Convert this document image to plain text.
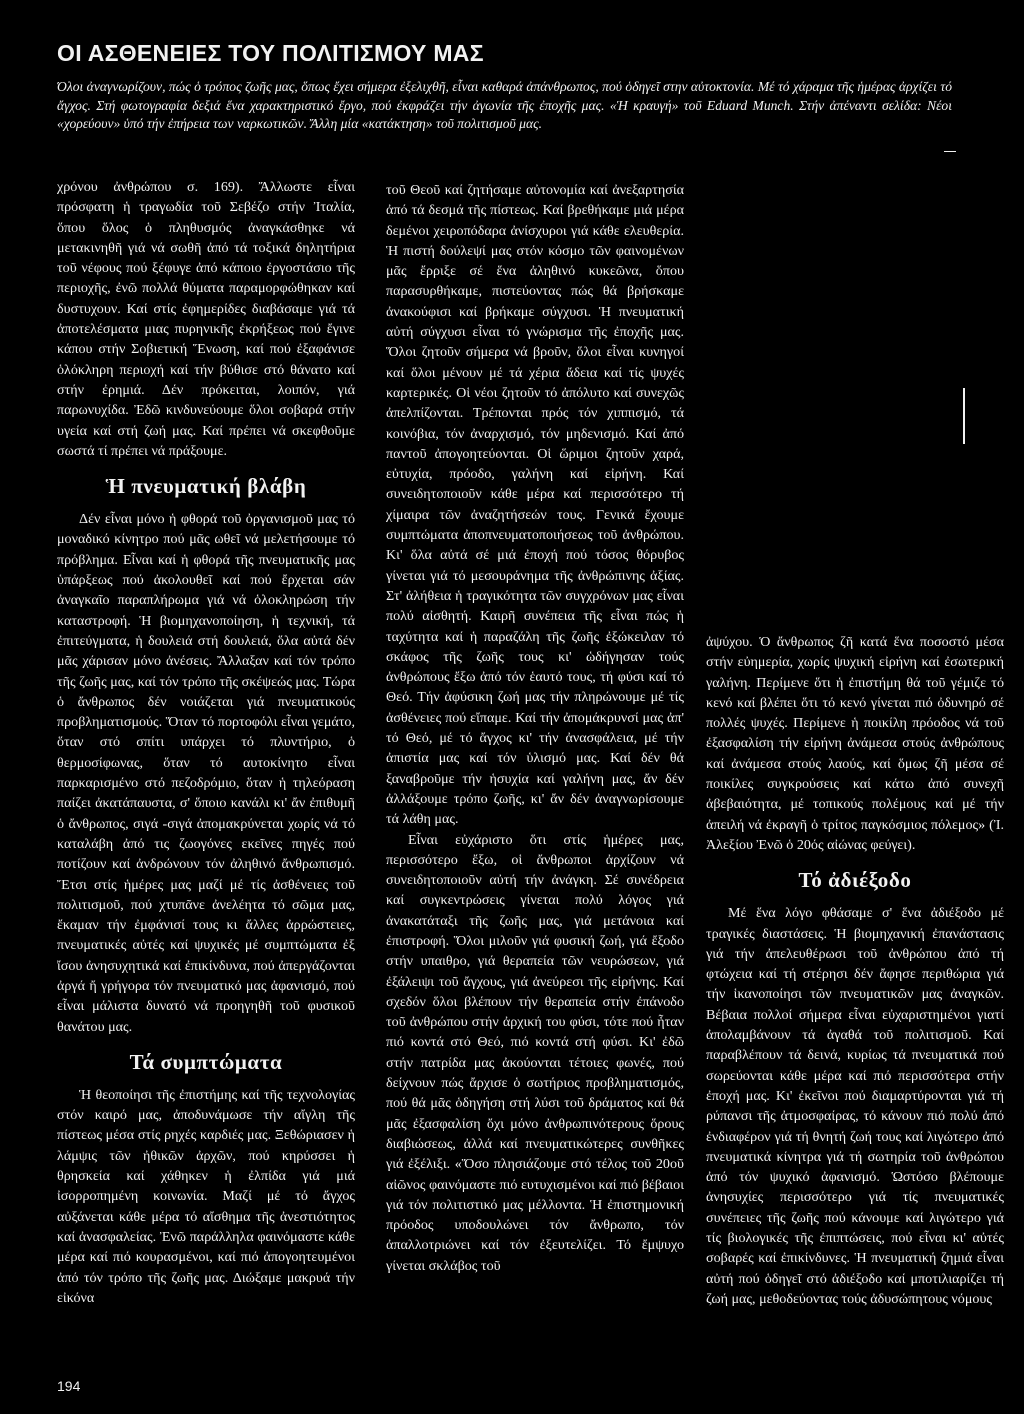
ΟΙ ΑΣΘΕΝΕΙΕΣ ΤΟΥ ΠΟΛΙΤΙΣΜΟΥ ΜΑΣ

Όλοι ἀναγνωρίζουν, πώς ὁ τρόπος ζωῆς μας, ὅπως ἔχει σήμερα ἐξελιχθῆ, εἶναι καθαρά ἀπάνθρωπος, πού ὁδηγεῖ στην αὐτοκτονία. Μέ τό χάραμα τῆς ἡμέρας ἀρχίζει τό ἄγχος. Στή φωτογραφία δεξιά ἕνα χαρακτηριστικό ἔργο, πού ἐκφράζει τήν ἀγωνία τῆς ἐποχῆς μας. «Ἡ κραυγή» τοῦ Eduard Munch. Στήν ἀπέναντι σελίδα: Νέοι «χορεύουν» ὑπό τήν ἐπήρεια των ναρκωτικῶν. Ἄλλη μία «κατάκτηση» τοῦ πολιτισμοῦ μας.

χρόνου ἀνθρώπου σ. 169). Ἄλλωστε εἶναι πρόσφατη ἡ τραγωδία τοῦ Σεβέζο στήν Ἰταλία, ὅπου ὅλος ὁ πληθυσμός ἀναγκάσθηκε νά μετακινηθῆ γιά νά σωθῆ ἀπό τά τοξικά δηλητήρια τοῦ νέφους πού ξέφυγε ἀπό κάποιο ἐργοστάσιο τῆς περιοχῆς, ἐνῶ πολλά θύματα παραμορφώθηκαν καί δυστυχουν. Καί στίς ἐφημερίδες διαβάσαμε γιά τά ἀποτελέσματα μιας πυρηνικῆς ἐκρήξεως πού ἔγινε κάπου στήν Σοβιετική Ἕνωση, καί πού ἐξαφάνισε ὁλόκληρη περιοχή καί τήν βύθισε στό θάνατο καί στήν ἐρημιά. Δέν πρόκειται, λοιπόν, γιά παρωνυχίδα. Ἐδῶ κινδυνεύουμε ὅλοι σοβαρά στήν υγεία καί στή ζωή μας. Καί πρέπει νά σκεφθοῦμε σωστά τί πρέπει νά πράξουμε.

Ἡ πνευματική βλάβη

Δέν εἶναι μόνο ἡ φθορά τοῦ ὀργανισμοῦ μας τό μοναδικό κίνητρο πού μᾶς ωθεῖ νά μελετήσουμε τό πρόβλημα. Εἶναι καί ἡ φθορά τῆς πνευματικῆς μας ὑπάρξεως πού ἀκολουθεῖ καί πού ἔρχεται σάν ἀναγκαῖο παραπλήρωμα γιά νά ὁλοκληρώση τήν καταστροφή. Ἡ βιομηχανοποίηση, ἡ τεχνική, τά ἐπιτεύγματα, ἡ δουλειά στή δουλειά, ὅλα αὐτά δέν μᾶς χάρισαν μόνο ἀνέσεις. Ἄλλαξαν καί τόν τρόπο τῆς ζωῆς μας, καί τόν τρόπο τῆς σκέψεώς μας. Τώρα ὁ ἄνθρωπος δέν νοιάζεται γιά πνευματικούς προβληματισμούς. Ὅταν τό πορτοφόλι εἶναι γεμάτο, ὅταν στό σπίτι υπάρχει τό πλυντήριο, ὁ θερμοσίφωνας, ὅταν τό αυτοκίνητο εἶναι παρκαρισμένο στό πεζοδρόμιο, ὅταν ἡ τηλεόραση παίζει ἀκατάπαυστα, σ' ὅποιο κανάλι κι' ἄν ἐπιθυμῆ ὁ ἄνθρωπος, σιγά -σιγά ἀπομακρύνεται χωρίς νά τό καταλάβη ἀπό τις ζωογόνες εκεῖνες πηγές πού ποτίζουν καί ἀνδρώνουν τόν ἀληθινό ἄνθρωπισμό. Ἔτσι στίς ἡμέρες μας μαζί μέ τίς ἀσθένειες τοῦ πολιτισμοῦ, πού χτυπᾶνε ἀνελέητα τό σῶμα μας, ἔκαμαν τήν ἐμφάνισί τους κι ἄλλες ἀρρώστειες, πνευματικές αὐτές καί ψυχικές μέ συμπτώματα ἐξ ἴσου ἀνησυχητικά καί ἐπικίνδυνα, πού ἀπεργάζονται ἀργά ἤ γρήγορα τόν πνευματικό μας ἀφανισμό, πού εἶναι μάλιστα δυνατό νά προηγηθῆ τοῦ φυσικοῦ θανάτου μας.

Τά συμπτώματα

Ἡ θεοποίησι τῆς ἐπιστήμης καί τῆς τεχνολογίας στόν καιρό μας, ἀποδυνάμωσε τήν αἴγλη τῆς πίστεως μέσα στίς ρηχές καρδιές μας. Ξεθώριασεν ἡ λάμψις τῶν ἠθικῶν ἀρχῶν, πού κηρύσσει ἡ θρησκεία καί χάθηκεν ἡ ἐλπίδα γιά μιά ἰσορροπημένη κοινωνία. Μαζί μέ τό ἄγχος αὐξάνεται κάθε μέρα τό αἴσθημα τῆς ἀνεστιότητος καί ἀνασφαλείας. Ἐνῶ παράλληλα φαινόμαστε κάθε μέρα καί πιό κουρασμένοι, καί πιό ἀπογοητευμένοι ἀπό τόν τρόπο τῆς ζωῆς μας. Διώξαμε μακρυά τήν εἰκόνα

τοῦ Θεοῦ καί ζητήσαμε αὐτονομία καί ἀνεξαρτησία ἀπό τά δεσμά τῆς πίστεως. Καί βρεθήκαμε μιά μέρα δεμένοι χειροπόδαρα ἀνίσχυροι γιά κάθε ελευθερία. Ἡ πιστή δούλεψί μας στόν κόσμο τῶν φαινομένων μᾶς ἔρριξε σέ ἕνα ἀληθινό κυκεῶνα, ὅπου παρασυρθήκαμε, πιστεύοντας πώς θά βρήσκαμε ἀνακούφισι καί βρήκαμε σύγχυσι. Ἡ πνευματική αὐτή σύγχυσι εἶναι τό γνώρισμα τῆς ἐποχῆς μας. Ὅλοι ζητοῦν σήμερα νά βροῦν, ὅλοι εἶναι κυνηγοί καί ὅλοι μένουν μέ τά χέρια ἄδεια καί τίς ψυχές καρτερικές. Οἱ νέοι ζητοῦν τό ἀπόλυτο καί συνεχῶς ἀπελπίζονται. Τρέπονται πρός τόν χιππισμό, τά κοινόβια, τόν ἀναρχισμό, τόν μηδενισμό. Καί ἀπό παντοῦ ἀπογοητεύονται. Οἱ ὥριμοι ζητοῦν χαρά, εὐτυχία, πρόοδο, γαλήνη καί εἰρήνη. Καί συνειδητοποιοῦν κάθε μέρα καί περισσότερο τή χίμαιρα τῶν ἀναζητήσεών τους. Γενικά ἔχουμε συμπτώματα ἀποπνευματοποιήσεως τοῦ ἀνθρώπου. Κι' ὅλα αὐτά σέ μιά ἐποχή πού τόσος θόρυβος γίνεται γιά τό μεσουράνημα τῆς ἀνθρώπινης ἀξίας. Στ' ἀλήθεια ἡ τραγικότητα τῶν συγχρόνων μας εἶναι πολύ αἰσθητή. Καιρῆ συνέπεια τῆς εἶναι πώς ἡ ταχύτητα καί ἡ παραζάλη τῆς ζωῆς ἐξώκειλαν τό σκάφος τῆς ζωῆς τους κι' ὡδήγησαν τούς ἀνθρώπους ἔξω ἀπό τόν ἑαυτό τους, τή φύσι καί τό Θεό. Τήν ἀφύσικη ζωή μας τήν πληρώνουμε μέ τίς ἀσθένειες πού εἴπαμε. Καί τήν ἀπομάκρυνσί μας ἀπ' τό Θεό, μέ τό ἄγχος κι' τήν ἀνασφάλεια, μέ τήν ἀπιστία μας καί τόν ὑλισμό μας. Καί δέν θά ξαναβροῦμε τήν ἡσυχία καί γαλήνη μας, ἄν δέν ἀλλάξουμε τρόπο ζωῆς, κι' ἄν δέν ἀναγνωρίσουμε τά λάθη μας.

Εἶναι εὐχάριστο ὅτι στίς ἡμέρες μας, περισσότερο ἔξω, οἱ ἄνθρωποι ἀρχίζουν νά συνειδητοποιοῦν αὐτή τήν ἀνάγκη. Σέ συνέδρεια καί συγκεντρώσεις γίνεται πολύ λόγος γιά ἀνακατάταξι τῆς ζωῆς μας, γιά μετάνοια καί ἐπιστροφή. Ὅλοι μιλοῦν γιά φυσική ζωή, γιά ἔξοδο στήν υπαιθρο, γιά θεραπεία τῶν νευρώσεων, γιά ἐξάλειψι τοῦ ἄγχους, γιά ἀνεύρεσι τῆς εἰρήνης. Καί σχεδόν ὅλοι βλέπουν τήν θεραπεία στήν ἐπάνοδο τοῦ ἀνθρώπου στήν ἀρχική του φύσι, τότε πού ἦταν πιό κοντά στό Θεό, πιό κοντά στή φύσι. Κι' ἐδῶ στήν πατρίδα μας ἀκούονται τέτοιες φωνές, πού δείχνουν πώς ἄρχισε ὁ σωτήριος προβληματισμός, πού θά μᾶς ὁδηγήση στή λύσι τοῦ δράματος καί θά μᾶς ἐξασφαλίση ὄχι μόνο ἀνθρωπινότερους ὅρους διαβιώσεως, ἀλλά καί πνευματικώτερες συνθῆκες γιά ἐξέλιξι. «Ὅσο πλησιάζουμε στό τέλος τοῦ 20οῦ αἰῶνος φαινόμαστε πιό ευτυχισμένοι καί πιό βέβαιοι γιά τόν πολιτιστικό μας μέλλοντα. Ἡ ἐπιστημονική πρόοδος υποδουλώνει τόν ἄνθρωπο, τόν ἀπαλλοτριώνει καί τόν ἐξευτελίζει. Τό ἔμψυχο γίνεται σκλάβος τοῦ

ἀψύχου. Ὁ ἄνθρωπος ζῆ κατά ἕνα ποσοστό μέσα στήν εὐημερία, χωρίς ψυχική εἰρήνη καί ἐσωτερική γαλήνη. Περίμενε ὅτι ἡ ἐπιστήμη θά τοῦ γέμιζε τό κενό καί βλέπει ὅτι τό κενό γίνεται πιό ὀδυνηρό σέ πολλές ψυχές. Περίμενε ἡ ποικίλη πρόοδος νά τοῦ ἐξασφαλίση τήν εἰρήνη ἀνάμεσα στούς ἀνθρώπους καί ἀνάμεσα στούς λαούς, καί ὅμως ζῆ μέσα σέ ποικίλες συγκρούσεις καί κάτω ἀπό συνεχῆ ἀβεβαιότητα, μέ τοπικούς πολέμους καί μέ τήν ἀπειλή νά ἐκραγῆ ὁ τρίτος παγκόσμιος πόλεμος» (Ἰ. Ἀλεξίου Ἐνῶ ὁ 20ός αἰώνας φεύγει).

Τό ἀδιέξοδο

Μέ ἕνα λόγο φθάσαμε σ' ἕνα ἀδιέξοδο μέ τραγικές διαστάσεις. Ἡ βιομηχανική ἐπανάστασις γιά τήν ἀπελευθέρωσι τοῦ ἀνθρώπου ἀπό τή φτώχεια καί τή στέρησι δέν ἄφησε περιθώρια γιά τήν ἱκανοποίησι τῶν πνευματικῶν μας ἀναγκῶν. Βέβαια πολλοί σήμερα εἶναι εὐχαριστημένοι γιατί ἀπολαμβάνουν τά ἀγαθά τοῦ πολιτισμοῦ. Καί παραβλέπουν τά δεινά, κυρίως τά πνευματικά πού σωρεύονται κάθε μέρα καί πιό περισσότερα στήν ἐποχή μας. Κι' ἐκεῖνοι πού διαμαρτύρονται γιά τή ρύπανσι τῆς ἀτμοσφαίρας, τό κάνουν πιό πολύ ἀπό ἐνδιαφέρον γιά τή θνητή ζωή τους καί λιγώτερο ἀπό πνευματικά κίνητρα γιά τή σωτηρία τοῦ ἀνθρώπου ἀπό τόν ψυχικό ἀφανισμό. Ὡστόσο βλέπουμε ἀνησυχίες περισσότερο γιά τίς πνευματικές συνέπειες τῆς ζωῆς πού κάνουμε καί λιγώτερο γιά τίς βιολογικές τῆς ἐπιπτώσεις, πού εἶναι κι' αὐτές σοβαρές καί ἐπικίνδυνες. Ἡ πνευματική ζημιά εἶναι αὐτή πού ὁδηγεῖ στό ἀδιέξοδο καί μποτιλιαρίζει τή ζωή μας, μεθοδεύοντας τούς ἀδυσώπητους νόμους

194
